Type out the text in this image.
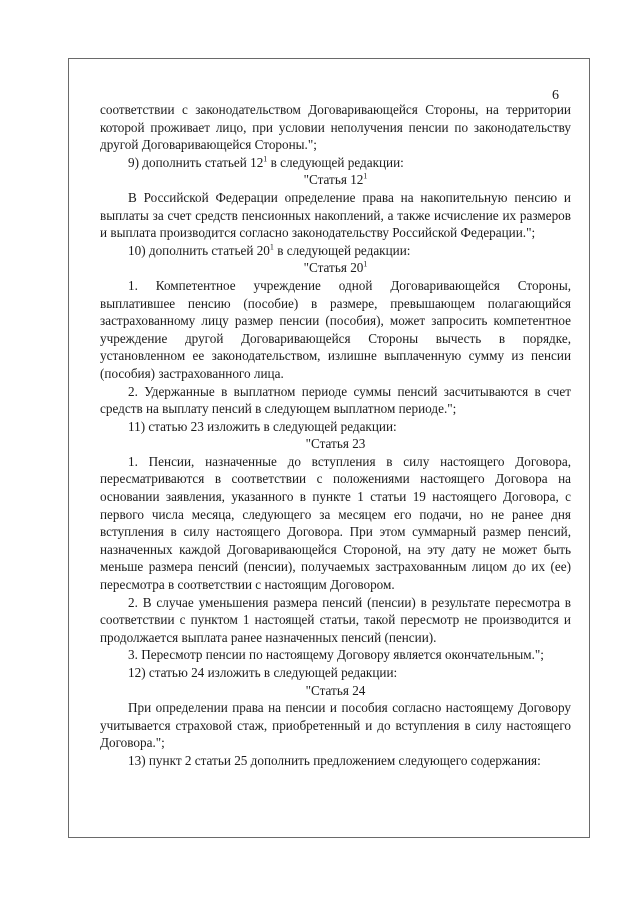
6

соответствии с законодательством Договаривающейся Стороны, на территории которой проживает лицо, при условии неполучения пенсии по законодательству другой Договаривающейся Стороны.";

9) дополнить статьей $12^1$ в следующей редакции:

"Статья $12^1$

В Российской Федерации определение права на накопительную пенсию и выплаты за счет средств пенсионных накоплений, а также исчисление их размеров и выплата производится согласно законодательству Российской Федерации.";

10) дополнить статьей $20^1$ в следующей редакции:

"Статья $20^1$

1. Компетентное учреждение одной Договаривающейся Стороны, выплатившее пенсию (пособие) в размере, превышающем полагающийся застрахованному лицу размер пенсии (пособия), может запросить компетентное учреждение другой Договаривающейся Стороны вычесть в порядке, установленном ее законодательством, излишне выплаченную сумму из пенсии (пособия) застрахованного лица.

2. Удержанные в выплатном периоде суммы пенсий засчитываются в счет средств на выплату пенсий в следующем выплатном периоде.";

11) статью 23 изложить в следующей редакции:

"Статья 23

1. Пенсии, назначенные до вступления в силу настоящего Договора, пересматриваются в соответствии с положениями настоящего Договора на основании заявления, указанного в пункте 1 статьи 19 настоящего Договора, с первого числа месяца, следующего за месяцем его подачи, но не ранее дня вступления в силу настоящего Договора. При этом суммарный размер пенсий, назначенных каждой Договаривающейся Стороной, на эту дату не может быть меньше размера пенсий (пенсии), получаемых застрахованным лицом до их (ее) пересмотра в соответствии с настоящим Договором.

2. В случае уменьшения размера пенсий (пенсии) в результате пересмотра в соответствии с пунктом 1 настоящей статьи, такой пересмотр не производится и продолжается выплата ранее назначенных пенсий (пенсии).

3. Пересмотр пенсии по настоящему Договору является окончательным.";

12) статью 24 изложить в следующей редакции:

"Статья 24

При определении права на пенсии и пособия согласно настоящему Договору учитывается страховой стаж, приобретенный и до вступления в силу настоящего Договора.";

13) пункт 2 статьи 25 дополнить предложением следующего содержания:
